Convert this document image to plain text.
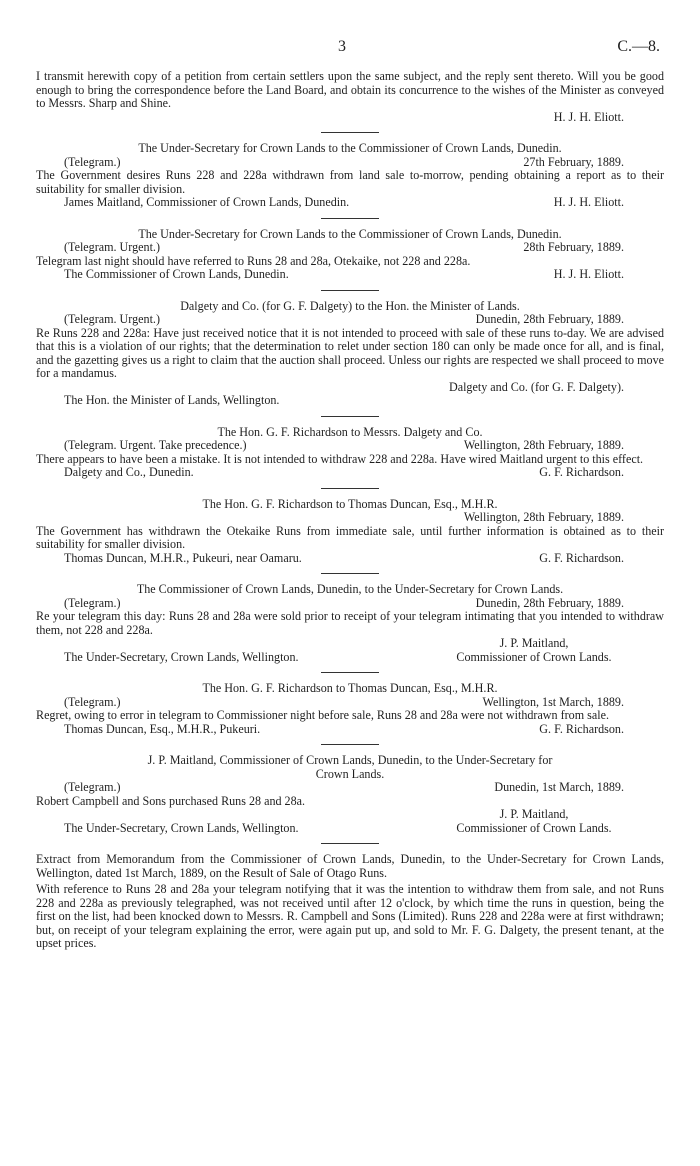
3	C.—8.

I transmit herewith copy of a petition from certain settlers upon the same subject, and the reply sent thereto. Will you be good enough to bring the correspondence before the Land Board, and obtain its concurrence to the wishes of the Minister as conveyed to Messrs. Sharp and Shine.

H. J. H. Eliott.

The Under-Secretary for Crown Lands to the Commissioner of Crown Lands, Dunedin.

(Telegram.)	27th February, 1889.

The Government desires Runs 228 and 228a withdrawn from land sale to-morrow, pending obtaining a report as to their suitability for smaller division.

James Maitland, Commissioner of Crown Lands, Dunedin.	H. J. H. Eliott.

The Under-Secretary for Crown Lands to the Commissioner of Crown Lands, Dunedin.

(Telegram. Urgent.)	28th February, 1889.

Telegram last night should have referred to Runs 28 and 28a, Otekaike, not 228 and 228a.

The Commissioner of Crown Lands, Dunedin.	H. J. H. Eliott.

Dalgety and Co. (for G. F. Dalgety) to the Hon. the Minister of Lands.

(Telegram. Urgent.)	Dunedin, 28th February, 1889.

Re Runs 228 and 228a: Have just received notice that it is not intended to proceed with sale of these runs to-day. We are advised that this is a violation of our rights; that the determination to relet under section 180 can only be made once for all, and is final, and the gazetting gives us a right to claim that the auction shall proceed. Unless our rights are respected we shall proceed to move for a mandamus.

Dalgety and Co. (for G. F. Dalgety).

The Hon. the Minister of Lands, Wellington.

The Hon. G. F. Richardson to Messrs. Dalgety and Co.

(Telegram. Urgent. Take precedence.)	Wellington, 28th February, 1889.

There appears to have been a mistake. It is not intended to withdraw 228 and 228a. Have wired Maitland urgent to this effect.

Dalgety and Co., Dunedin.	G. F. Richardson.

The Hon. G. F. Richardson to Thomas Duncan, Esq., M.H.R.

Wellington, 28th February, 1889.

The Government has withdrawn the Otekaike Runs from immediate sale, until further information is obtained as to their suitability for smaller division.

Thomas Duncan, M.H.R., Pukeuri, near Oamaru.	G. F. Richardson.

The Commissioner of Crown Lands, Dunedin, to the Under-Secretary for Crown Lands.

(Telegram.)	Dunedin, 28th February, 1889.

Re your telegram this day: Runs 28 and 28a were sold prior to receipt of your telegram intimating that you intended to withdraw them, not 228 and 228a.

J. P. Maitland,
The Under-Secretary, Crown Lands, Wellington.	Commissioner of Crown Lands.

The Hon. G. F. Richardson to Thomas Duncan, Esq., M.H.R.

(Telegram.)	Wellington, 1st March, 1889.

Regret, owing to error in telegram to Commissioner night before sale, Runs 28 and 28a were not withdrawn from sale.

Thomas Duncan, Esq., M.H.R., Pukeuri.	G. F. Richardson.

J. P. Maitland, Commissioner of Crown Lands, Dunedin, to the Under-Secretary for

Crown Lands.

(Telegram.)	Dunedin, 1st March, 1889.

Robert Campbell and Sons purchased Runs 28 and 28a.

J. P. Maitland,
The Under-Secretary, Crown Lands, Wellington.	Commissioner of Crown Lands.

Extract from Memorandum from the Commissioner of Crown Lands, Dunedin, to the Under-Secretary for Crown Lands, Wellington, dated 1st March, 1889, on the Result of Sale of Otago Runs.

With reference to Runs 28 and 28a your telegram notifying that it was the intention to withdraw them from sale, and not Runs 228 and 228a as previously telegraphed, was not received until after 12 o'clock, by which time the runs in question, being the first on the list, had been knocked down to Messrs. R. Campbell and Sons (Limited). Runs 228 and 228a were at first withdrawn; but, on receipt of your telegram explaining the error, were again put up, and sold to Mr. F. G. Dalgety, the present tenant, at the upset prices.
